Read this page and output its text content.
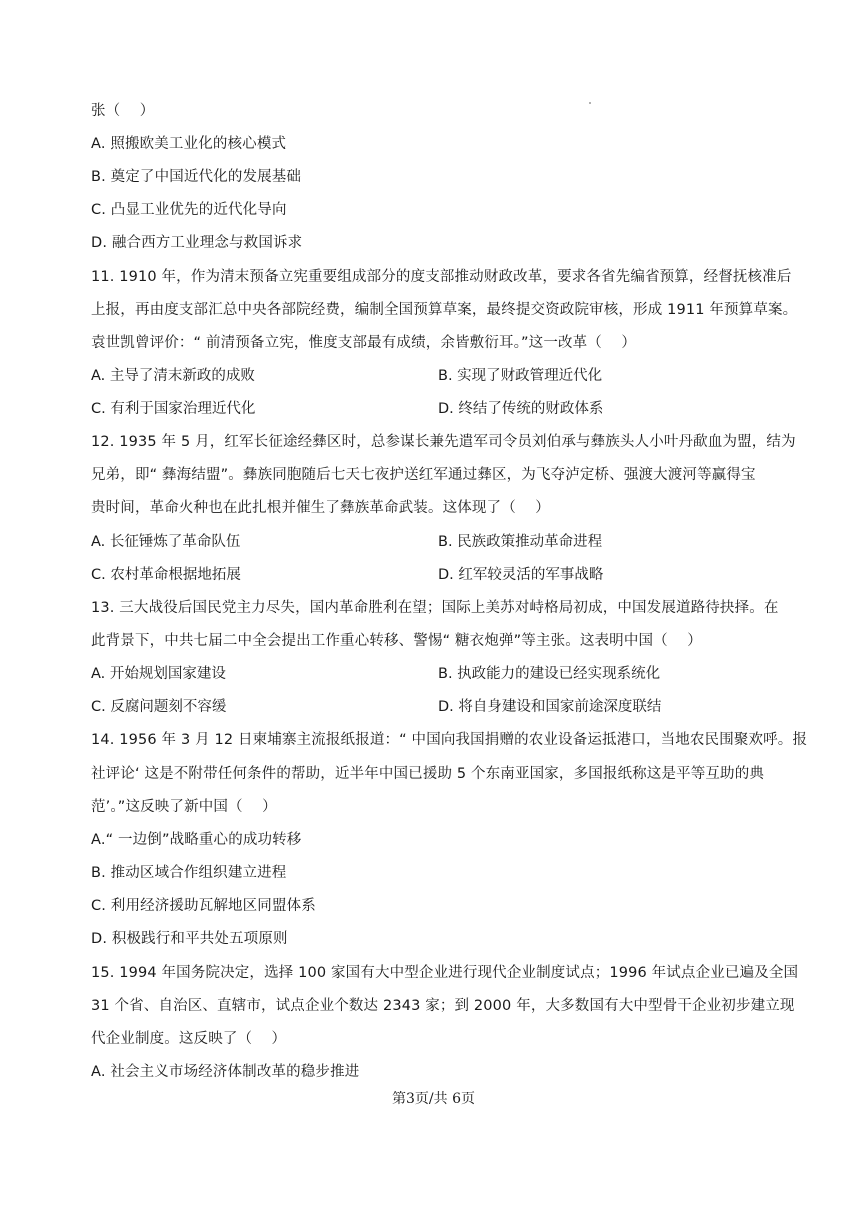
张（　 ）
A. 照搬欧美工业化的核心模式
B. 奠定了中国近代化的发展基础
C. 凸显工业优先的近代化导向
D. 融合西方工业理念与救国诉求
11. 1910 年，作为清末预备立宪重要组成部分的度支部推动财政改革，要求各省先编省预算，经督抚核准后
上报，再由度支部汇总中央各部院经费，编制全国预算草案，最终提交资政院审核，形成 1911 年预算草案。
袁世凯曾评价：“ 前清预备立宪，惟度支部最有成绩，余皆敷衍耳。”这一改革（　 ）
A. 主导了清末新政的成败	B. 实现了财政管理近代化
C. 有利于国家治理近代化	D. 终结了传统的财政体系
12. 1935 年 5 月，红军长征途经彝区时，总参谋长兼先遣军司令员刘伯承与彝族头人小叶丹歃血为盟，结为
兄弟，即“ 彝海结盟”。彝族同胞随后七天七夜护送红军通过彝区，为飞夺泸定桥、强渡大渡河等赢得宝
贵时间，革命火种也在此扎根并催生了彝族革命武装。这体现了（　 ）
A. 长征锤炼了革命队伍	B. 民族政策推动革命进程
C. 农村革命根据地拓展	D. 红军较灵活的军事战略
13. 三大战役后国民党主力尽失，国内革命胜利在望；国际上美苏对峙格局初成，中国发展道路待抉择。在
此背景下，中共七届二中全会提出工作重心转移、警惕“ 糖衣炮弹”等主张。这表明中国（　 ）
A. 开始规划国家建设	B. 执政能力的建设已经实现系统化
C. 反腐问题刻不容缓	D. 将自身建设和国家前途深度联结
14. 1956 年 3 月 12 日柬埔寨主流报纸报道：“ 中国向我国捐赠的农业设备运抵港口，当地农民围聚欢呼。报
社评论‘ 这是不附带任何条件的帮助，近半年中国已援助 5 个东南亚国家，多国报纸称这是平等互助的典
范’。”这反映了新中国（　 ）
A.“ 一边倒”战略重心的成功转移
B. 推动区域合作组织建立进程
C. 利用经济援助瓦解地区同盟体系
D. 积极践行和平共处五项原则
15. 1994 年国务院决定，选择 100 家国有大中型企业进行现代企业制度试点；1996 年试点企业已遍及全国
31 个省、自治区、直辖市，试点企业个数达 2343 家；到 2000 年，大多数国有大中型骨干企业初步建立现
代企业制度。这反映了（　 ）
A. 社会主义市场经济体制改革的稳步推进
第3页/共 6页
